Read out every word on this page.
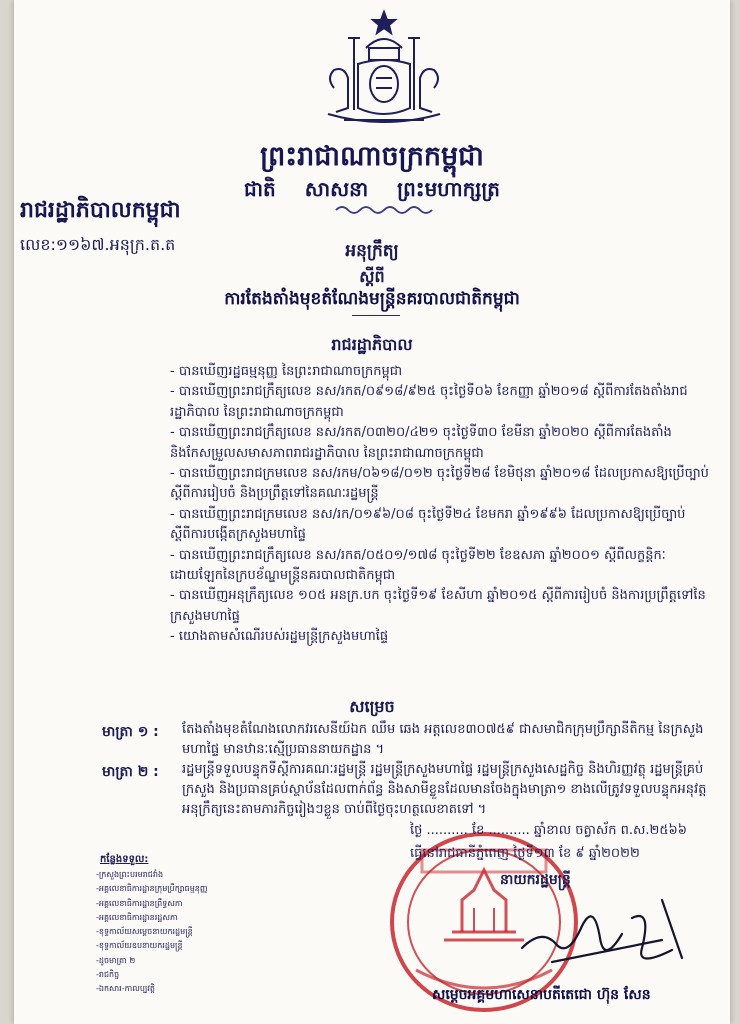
ព្រះរាជាណាចក្រកម្ពុជា
ជាតិ សាសនា ព្រះមហាក្សត្រ
រាជរដ្ឋាភិបាលកម្ពុជា
លេខ:១១៦៧.អនុក្រ.ត.ត	អនុក្រឹត្យ
ស្តីពី
ការតែងតាំងមុខតំណែងមន្ត្រីនគរបាលជាតិកម្ពុជា
រាជរដ្ឋាភិបាល

- បានឃើញរដ្ឋធម្មនុញ្ញ នៃព្រះរាជាណាចក្រកម្ពុជា

- បានឃើញព្រះរាជក្រឹត្យលេខ នស/រកត/០៩១៨/៩២៥ ចុះថ្ងៃទី០៦ ខែកញ្ញា ឆ្នាំ២០១៨ ស្តីពីការតែងតាំងរាជរដ្ឋាភិបាល នៃព្រះរាជាណាចក្រកម្ពុជា

- បានឃើញព្រះរាជក្រឹត្យលេខ នស/រកត/០៣២០/៤២១ ចុះថ្ងៃទី៣០ ខែមីនា ឆ្នាំ២០២០ ស្តីពីការតែងតាំង និងកែសម្រួលសមាសភាពរាជរដ្ឋាភិបាល នៃព្រះរាជាណាចក្រកម្ពុជា

- បានឃើញព្រះរាជក្រមលេខ នស/រកម/០៦១៨/០១២ ចុះថ្ងៃទី២៨ ខែមិថុនា ឆ្នាំ២០១៨ ដែលប្រកាសឱ្យប្រើច្បាប់ស្តីពីការរៀបចំ និងប្រព្រឹត្តទៅនៃគណៈរដ្ឋមន្ត្រី

- បានឃើញព្រះរាជក្រមលេខ នស/រក/០១៩៦/០៨ ចុះថ្ងៃទី២៤ ខែមករា ឆ្នាំ១៩៩៦ ដែលប្រកាសឱ្យប្រើច្បាប់ ស្តីពីការបង្កើតក្រសួងមហាផ្ទៃ

- បានឃើញព្រះរាជក្រឹត្យលេខ នស/រកត/០៥០១/១៧៨ ចុះថ្ងៃទី២២ ខែឧសភា ឆ្នាំ២០០១ ស្តីពីលក្ខន្តិកៈដោយឡែកនៃក្របខ័ណ្ឌមន្ត្រីនគរបាលជាតិកម្ពុជា

- បានឃើញអនុក្រឹត្យលេខ ១០៥ អនក្រ.បក ចុះថ្ងៃទី១៩ ខែសីហា ឆ្នាំ២០១៥ ស្តីពីការរៀបចំ និងការប្រព្រឹត្តទៅនៃក្រសួងមហាផ្ទៃ

- យោងតាមសំណើរបស់រដ្ឋមន្ត្រីក្រសួងមហាផ្ទៃ

សម្រេច
មាត្រា ១ : តែងតាំងមុខតំណែងលោកវរសេនីយ៍ឯក ឈឹម ឆេង អត្តលេខ៣០៧៥៩ ជាសមាជិកក្រុមប្រឹក្សានីតិកម្ម នៃក្រសួងមហាផ្ទៃ មានឋានៈស្មើប្រធាននាយកដ្ឋាន ។
មាត្រា ២ : រដ្ឋមន្ត្រីទទួលបន្ទុកទីស្តីការគណៈរដ្ឋមន្ត្រី រដ្ឋមន្ត្រីក្រសួងមហាផ្ទៃ រដ្ឋមន្ត្រីក្រសួងសេដ្ឋកិច្ច និងហិរញ្ញវត្ថុ រដ្ឋមន្ត្រីគ្រប់ក្រសួង និងប្រធានគ្រប់ស្ថាប័នដែលពាក់ព័ន្ធ និងសាមីខ្លួនដែលមានចែងក្នុងមាត្រា១ ខាងលើត្រូវទទួលបន្ទុកអនុវត្តអនុក្រឹត្យនេះតាមភារកិច្ចរៀងៗខ្លួន ចាប់ពីថ្ងៃចុះហត្ថលេខាតទៅ ។
ថ្ងៃ .......... ខែ .......... ឆ្នាំខាល ចត្វាស័ក ព.ស.២៥៦៦
ធ្វើនៅរាជធានីភ្នំពេញ ថ្ងៃទី១៣ ខែ ៩ ឆ្នាំ២០២២
នាយករដ្ឋមន្ត្រី
សម្តេចអគ្គមហាសេនាបតីតេជោ ហ៊ុន សែន
កន្លែងទទួល:
-ក្រសួងព្រះបរមរាជវាំង
-អគ្គលេខាធិការដ្ឋានក្រុមប្រឹក្សាធម្មនុញ្ញ
-អគ្គលេខាធិការដ្ឋានព្រឹទ្ធសភា
-អគ្គលេខាធិការដ្ឋានរដ្ឋសភា
-ខុទ្ទកាល័យសម្តេចនាយករដ្ឋមន្ត្រី
-ខុទ្ទកាល័យឧបនាយករដ្ឋមន្ត្រី
-ដូចមាត្រា ២
-រាជកិច្ច
-ឯកសារ-កាលប្បវត្តិ
